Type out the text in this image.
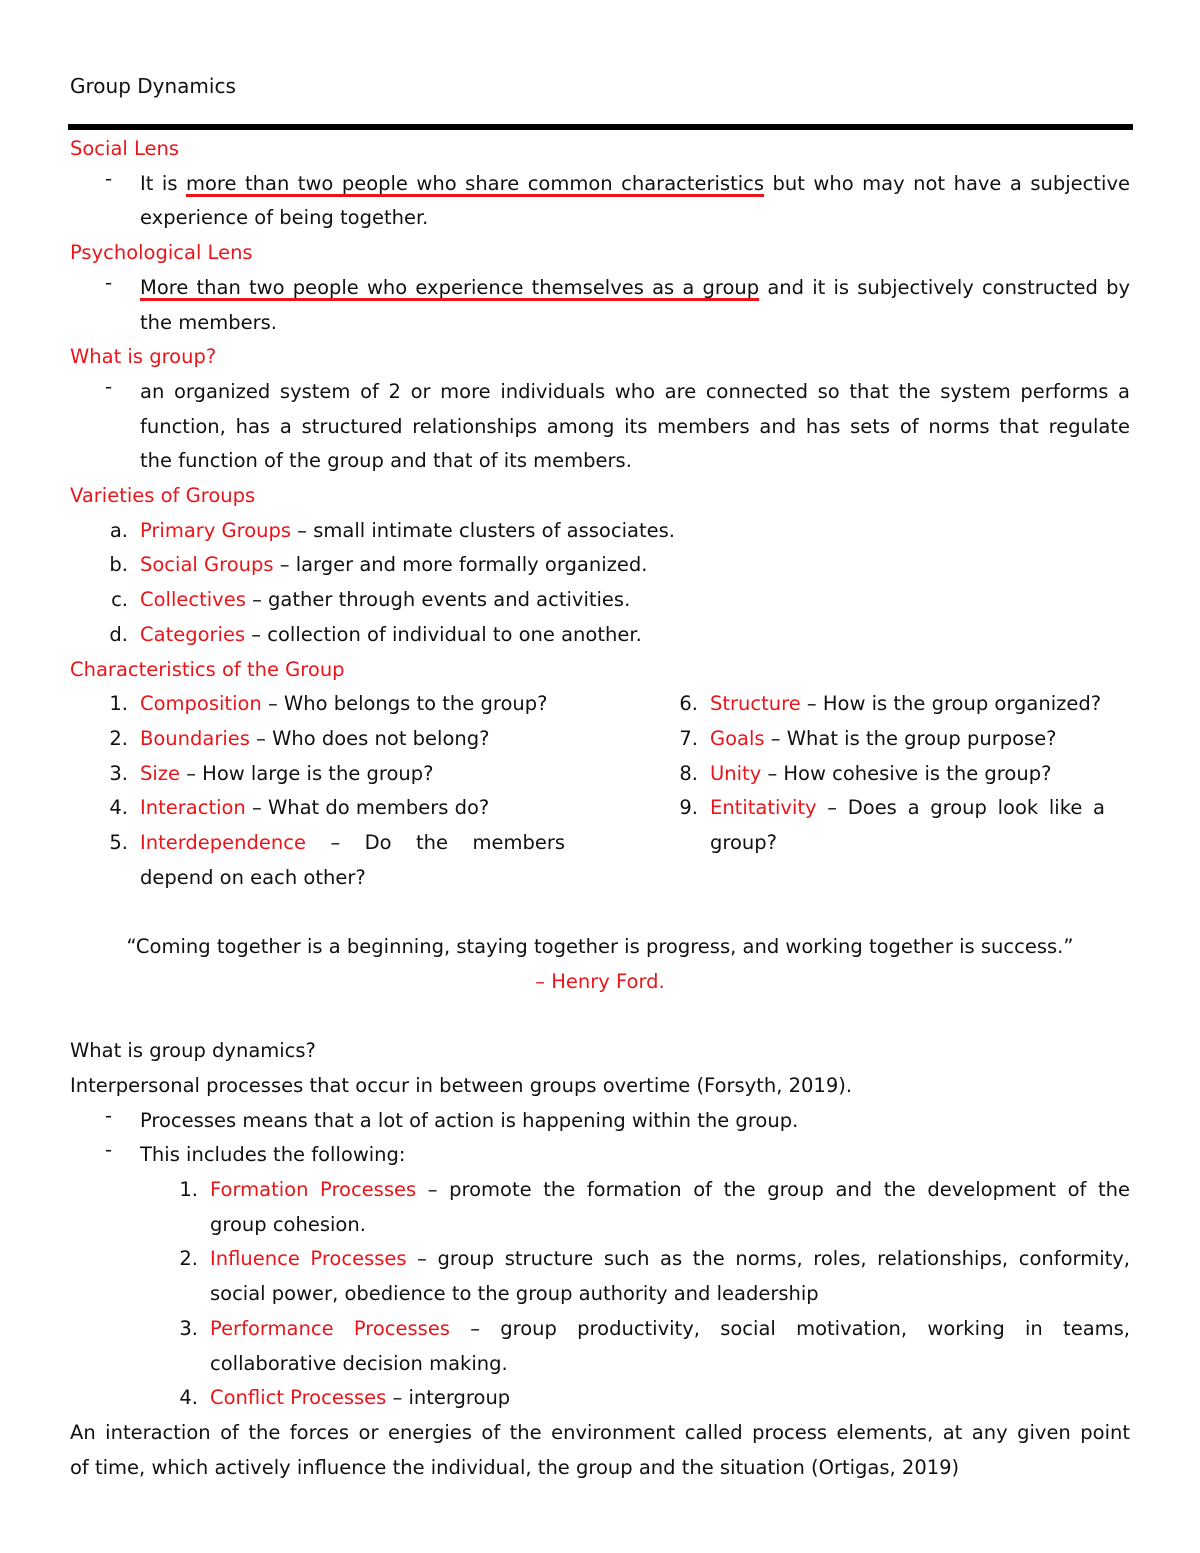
Group Dynamics
Social Lens
-	It is more than two people who share common characteristics but who may not have a subjective
experience of being together.
Psychological Lens
-	More than two people who experience themselves as a group and it is subjectively constructed by
the members.
What is group?
-	an organized system of 2 or more individuals who are connected so that the system performs a
function, has a structured relationships among its members and has sets of norms that regulate
the function of the group and that of its members.
Varieties of Groups
a. Primary Groups – small intimate clusters of associates.
b. Social Groups – larger and more formally organized.
c. Collectives – gather through events and activities.
d. Categories – collection of individual to one another.
Characteristics of the Group
1. Composition – Who belongs to the group?
2. Boundaries – Who does not belong?
3. Size – How large is the group?
4. Interaction – What do members do?
5. Interdependence – Do the members
depend on each other?
6. Structure – How is the group organized?
7. Goals – What is the group purpose?
8. Unity – How cohesive is the group?
9. Entitativity – Does a group look like a
group?
“Coming together is a beginning, staying together is progress, and working together is success.”
– Henry Ford.
What is group dynamics?
Interpersonal processes that occur in between groups overtime (Forsyth, 2019).
-	Processes means that a lot of action is happening within the group.
-	This includes the following:
1. Formation Processes – promote the formation of the group and the development of the
group cohesion.
2. Influence Processes – group structure such as the norms, roles, relationships, conformity,
social power, obedience to the group authority and leadership
3. Performance Processes – group productivity, social motivation, working in teams,
collaborative decision making.
4. Conflict Processes – intergroup
An interaction of the forces or energies of the environment called process elements, at any given point
of time, which actively influence the individual, the group and the situation (Ortigas, 2019)
